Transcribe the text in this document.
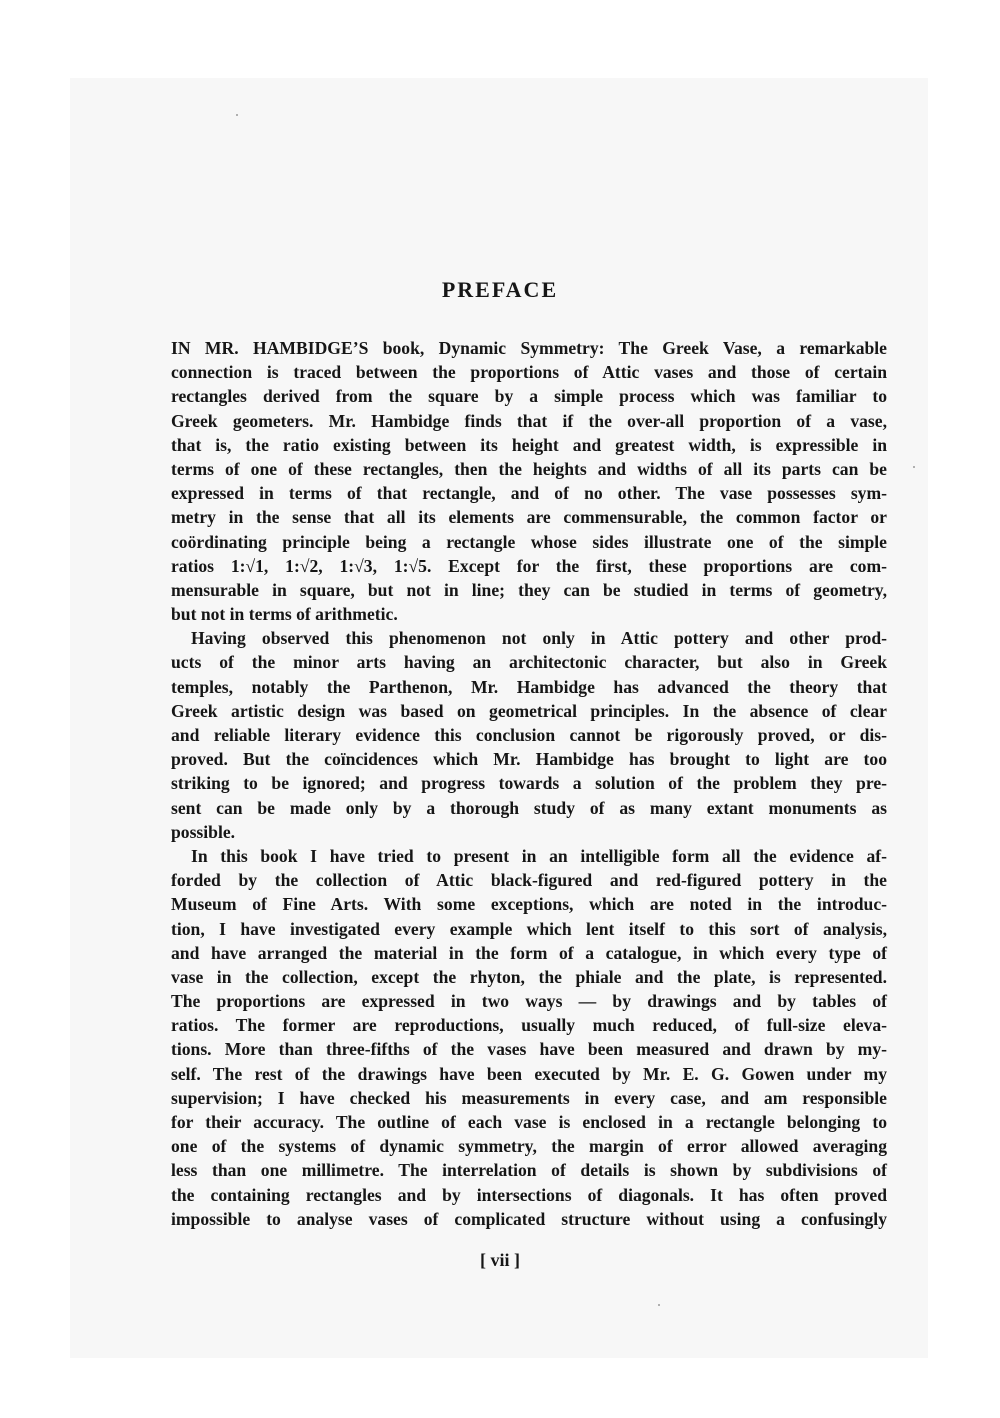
PREFACE
IN MR. HAMBIDGE’S book, Dynamic Symmetry: The Greek Vase, a remarkable
connection is traced between the proportions of Attic vases and those of certain
rectangles derived from the square by a simple process which was familiar to
Greek geometers. Mr. Hambidge finds that if the over-all proportion of a vase,
that is, the ratio existing between its height and greatest width, is expressible in
terms of one of these rectangles, then the heights and widths of all its parts can be
expressed in terms of that rectangle, and of no other. The vase possesses sym-
metry in the sense that all its elements are commensurable, the common factor or
coördinating principle being a rectangle whose sides illustrate one of the simple
ratios 1:√1, 1:√2, 1:√3, 1:√5. Except for the first, these proportions are com-
mensurable in square, but not in line; they can be studied in terms of geometry,
but not in terms of arithmetic.
Having observed this phenomenon not only in Attic pottery and other prod-
ucts of the minor arts having an architectonic character, but also in Greek
temples, notably the Parthenon, Mr. Hambidge has advanced the theory that
Greek artistic design was based on geometrical principles. In the absence of clear
and reliable literary evidence this conclusion cannot be rigorously proved, or dis-
proved. But the coïncidences which Mr. Hambidge has brought to light are too
striking to be ignored; and progress towards a solution of the problem they pre-
sent can be made only by a thorough study of as many extant monuments as
possible.
In this book I have tried to present in an intelligible form all the evidence af-
forded by the collection of Attic black-figured and red-figured pottery in the
Museum of Fine Arts. With some exceptions, which are noted in the introduc-
tion, I have investigated every example which lent itself to this sort of analysis,
and have arranged the material in the form of a catalogue, in which every type of
vase in the collection, except the rhyton, the phiale and the plate, is represented.
The proportions are expressed in two ways — by drawings and by tables of
ratios. The former are reproductions, usually much reduced, of full-size eleva-
tions. More than three-fifths of the vases have been measured and drawn by my-
self. The rest of the drawings have been executed by Mr. E. G. Gowen under my
supervision; I have checked his measurements in every case, and am responsible
for their accuracy. The outline of each vase is enclosed in a rectangle belonging to
one of the systems of dynamic symmetry, the margin of error allowed averaging
less than one millimetre. The interrelation of details is shown by subdivisions of
the containing rectangles and by intersections of diagonals. It has often proved
impossible to analyse vases of complicated structure without using a confusingly
[ vii ]
